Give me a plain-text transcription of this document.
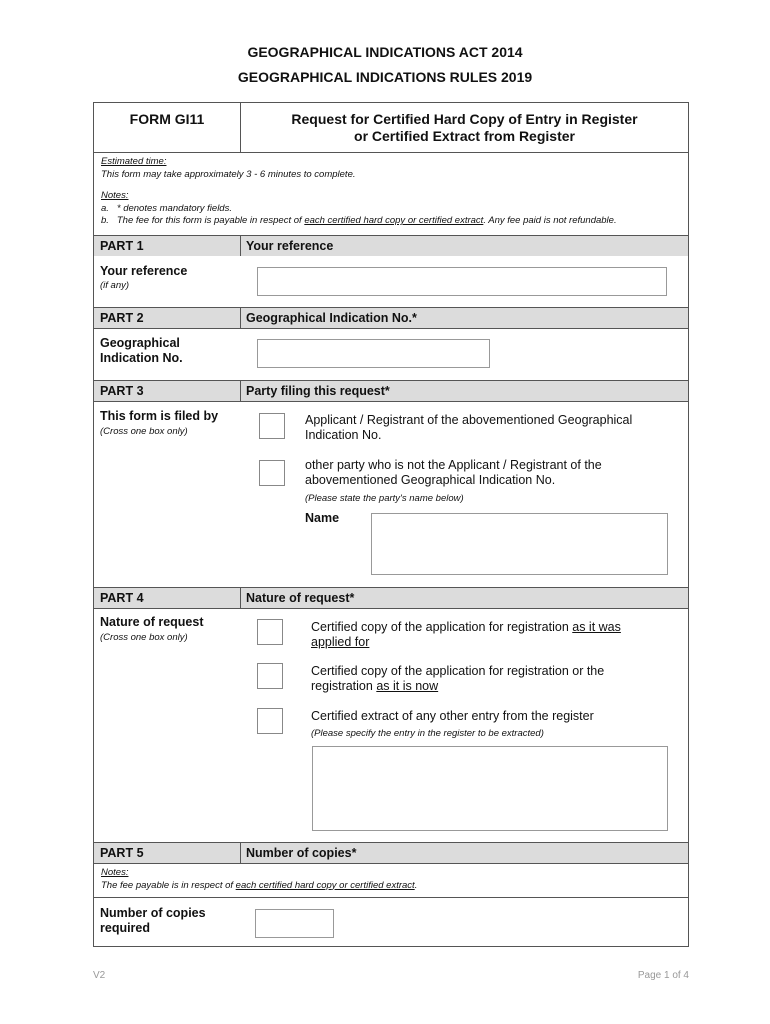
GEOGRAPHICAL INDICATIONS ACT 2014
GEOGRAPHICAL INDICATIONS RULES 2019
FORM GI11	Request for Certified Hard Copy of Entry in Register
or Certified Extract from Register
Estimated time:
This form may take approximately 3 - 6 minutes to complete.
Notes:
a. * denotes mandatory fields.
b. The fee for this form is payable in respect of each certified hard copy or certified extract. Any fee paid is not refundable.
PART 1	Your reference
Your reference
(if any)
PART 2	Geographical Indication No.*
Geographical
Indication No.
PART 3	Party filing this request*
This form is filed by
(Cross one box only)
Applicant / Registrant of the abovementioned Geographical
Indication No.
other party who is not the Applicant / Registrant of the
abovementioned Geographical Indication No.
(Please state the party's name below)
Name
PART 4	Nature of request*
Nature of request
(Cross one box only)
Certified copy of the application for registration as it was
applied for
Certified copy of the application for registration or the
registration as it is now
Certified extract of any other entry from the register
(Please specify the entry in the register to be extracted)
PART 5	Number of copies*
Notes:
The fee payable is in respect of each certified hard copy or certified extract.
Number of copies
required
V2	Page 1 of 4
